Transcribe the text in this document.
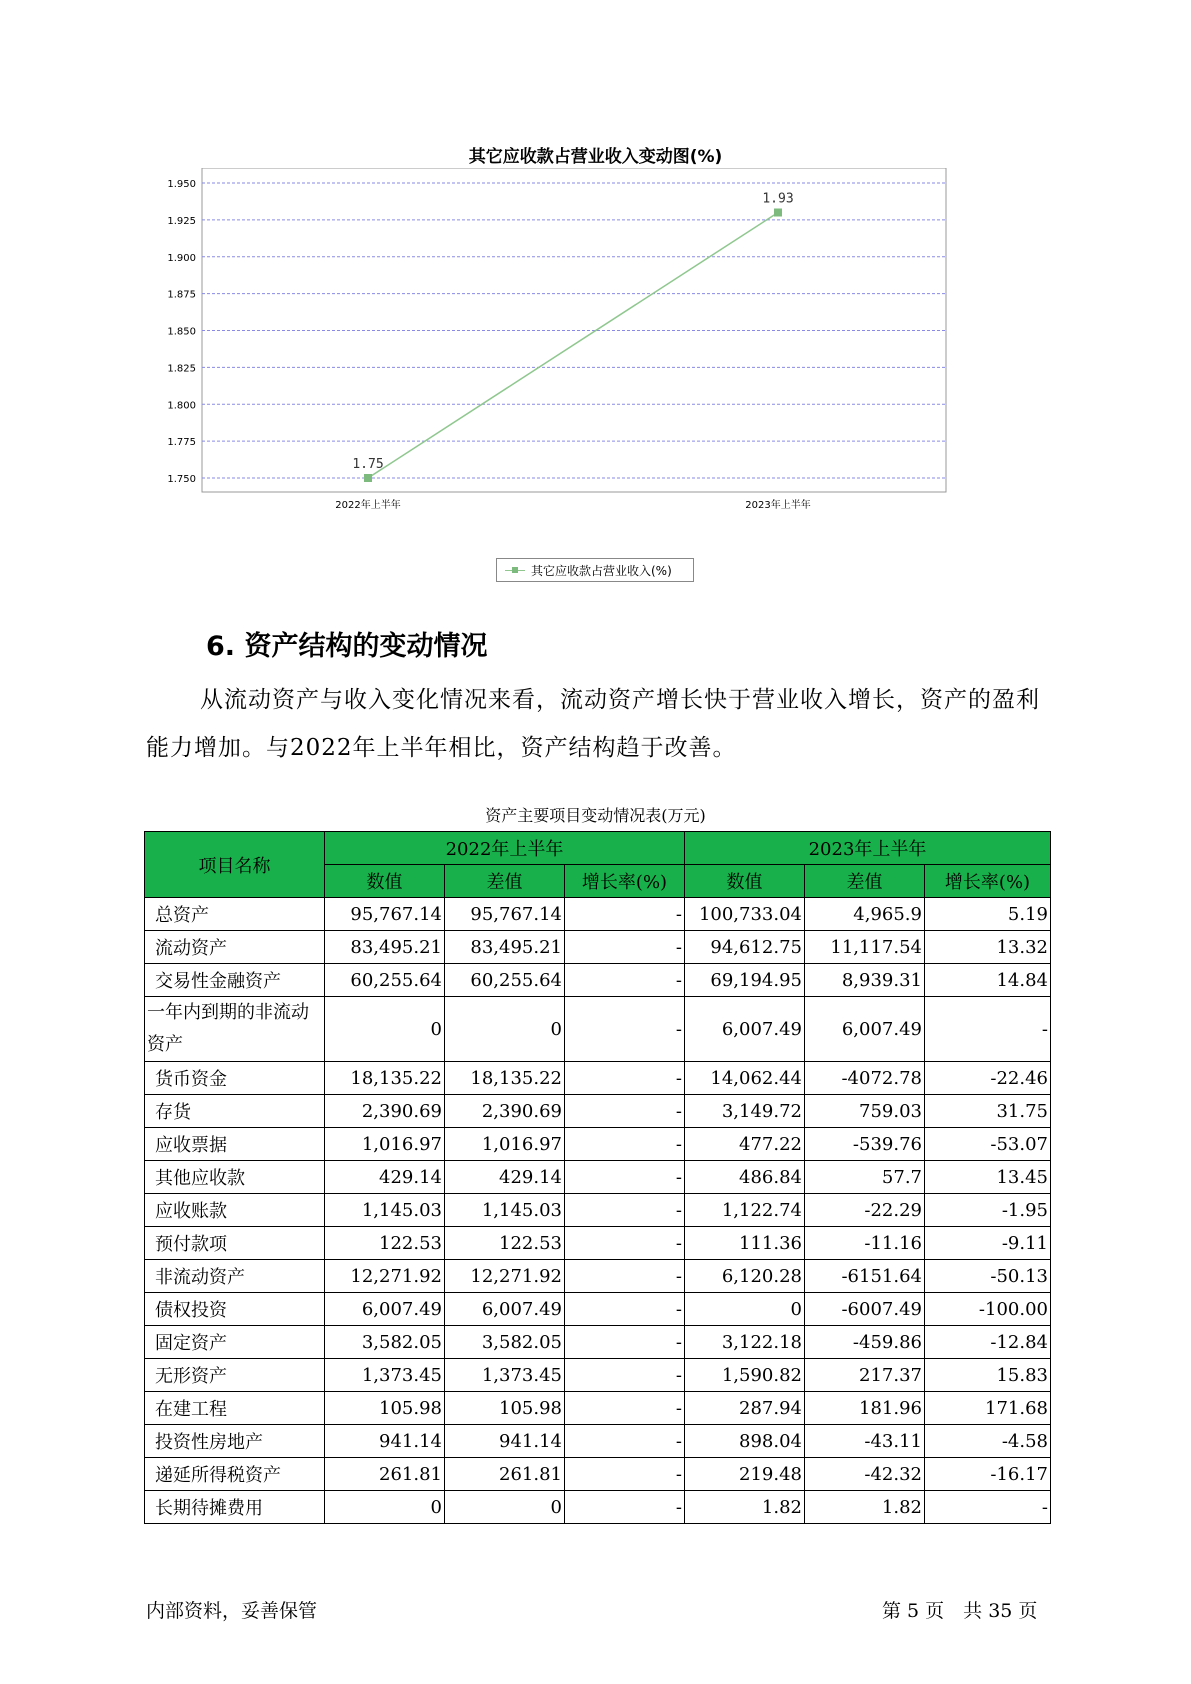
其它应收款占营业收入变动图(%)
1.950
1.925
1.900
1.875
1.850
1.825
1.800
1.775
1.750
2022年上半年	2023年上半年
1.75
1.93
其它应收款占营业收入(%)
6. 资产结构的变动情况
从流动资产与收入变化情况来看，流动资产增长快于营业收入增长，资产的盈利能力增加。与2022年上半年相比，资产结构趋于改善。
资产主要项目变动情况表(万元)
项目名称	2022年上半年			2023年上半年		
	数值	差值	增长率(%)	数值	差值	增长率(%)
总资产	95,767.14	95,767.14	-	100,733.04	4,965.9	5.19
流动资产	83,495.21	83,495.21	-	94,612.75	11,117.54	13.32
交易性金融资产	60,255.64	60,255.64	-	69,194.95	8,939.31	14.84
一年内到期的非流动资产	0	0	-	6,007.49	6,007.49	-
货币资金	18,135.22	18,135.22	-	14,062.44	-4072.78	-22.46
存货	2,390.69	2,390.69	-	3,149.72	759.03	31.75
应收票据	1,016.97	1,016.97	-	477.22	-539.76	-53.07
其他应收款	429.14	429.14	-	486.84	57.7	13.45
应收账款	1,145.03	1,145.03	-	1,122.74	-22.29	-1.95
预付款项	122.53	122.53	-	111.36	-11.16	-9.11
非流动资产	12,271.92	12,271.92	-	6,120.28	-6151.64	-50.13
债权投资	6,007.49	6,007.49	-	0	-6007.49	-100.00
固定资产	3,582.05	3,582.05	-	3,122.18	-459.86	-12.84
无形资产	1,373.45	1,373.45	-	1,590.82	217.37	15.83
在建工程	105.98	105.98	-	287.94	181.96	171.68
投资性房地产	941.14	941.14	-	898.04	-43.11	-4.58
递延所得税资产	261.81	261.81	-	219.48	-42.32	-16.17
长期待摊费用	0	0	-	1.82	1.82	-
内部资料，妥善保管	第 5 页　共 35 页
